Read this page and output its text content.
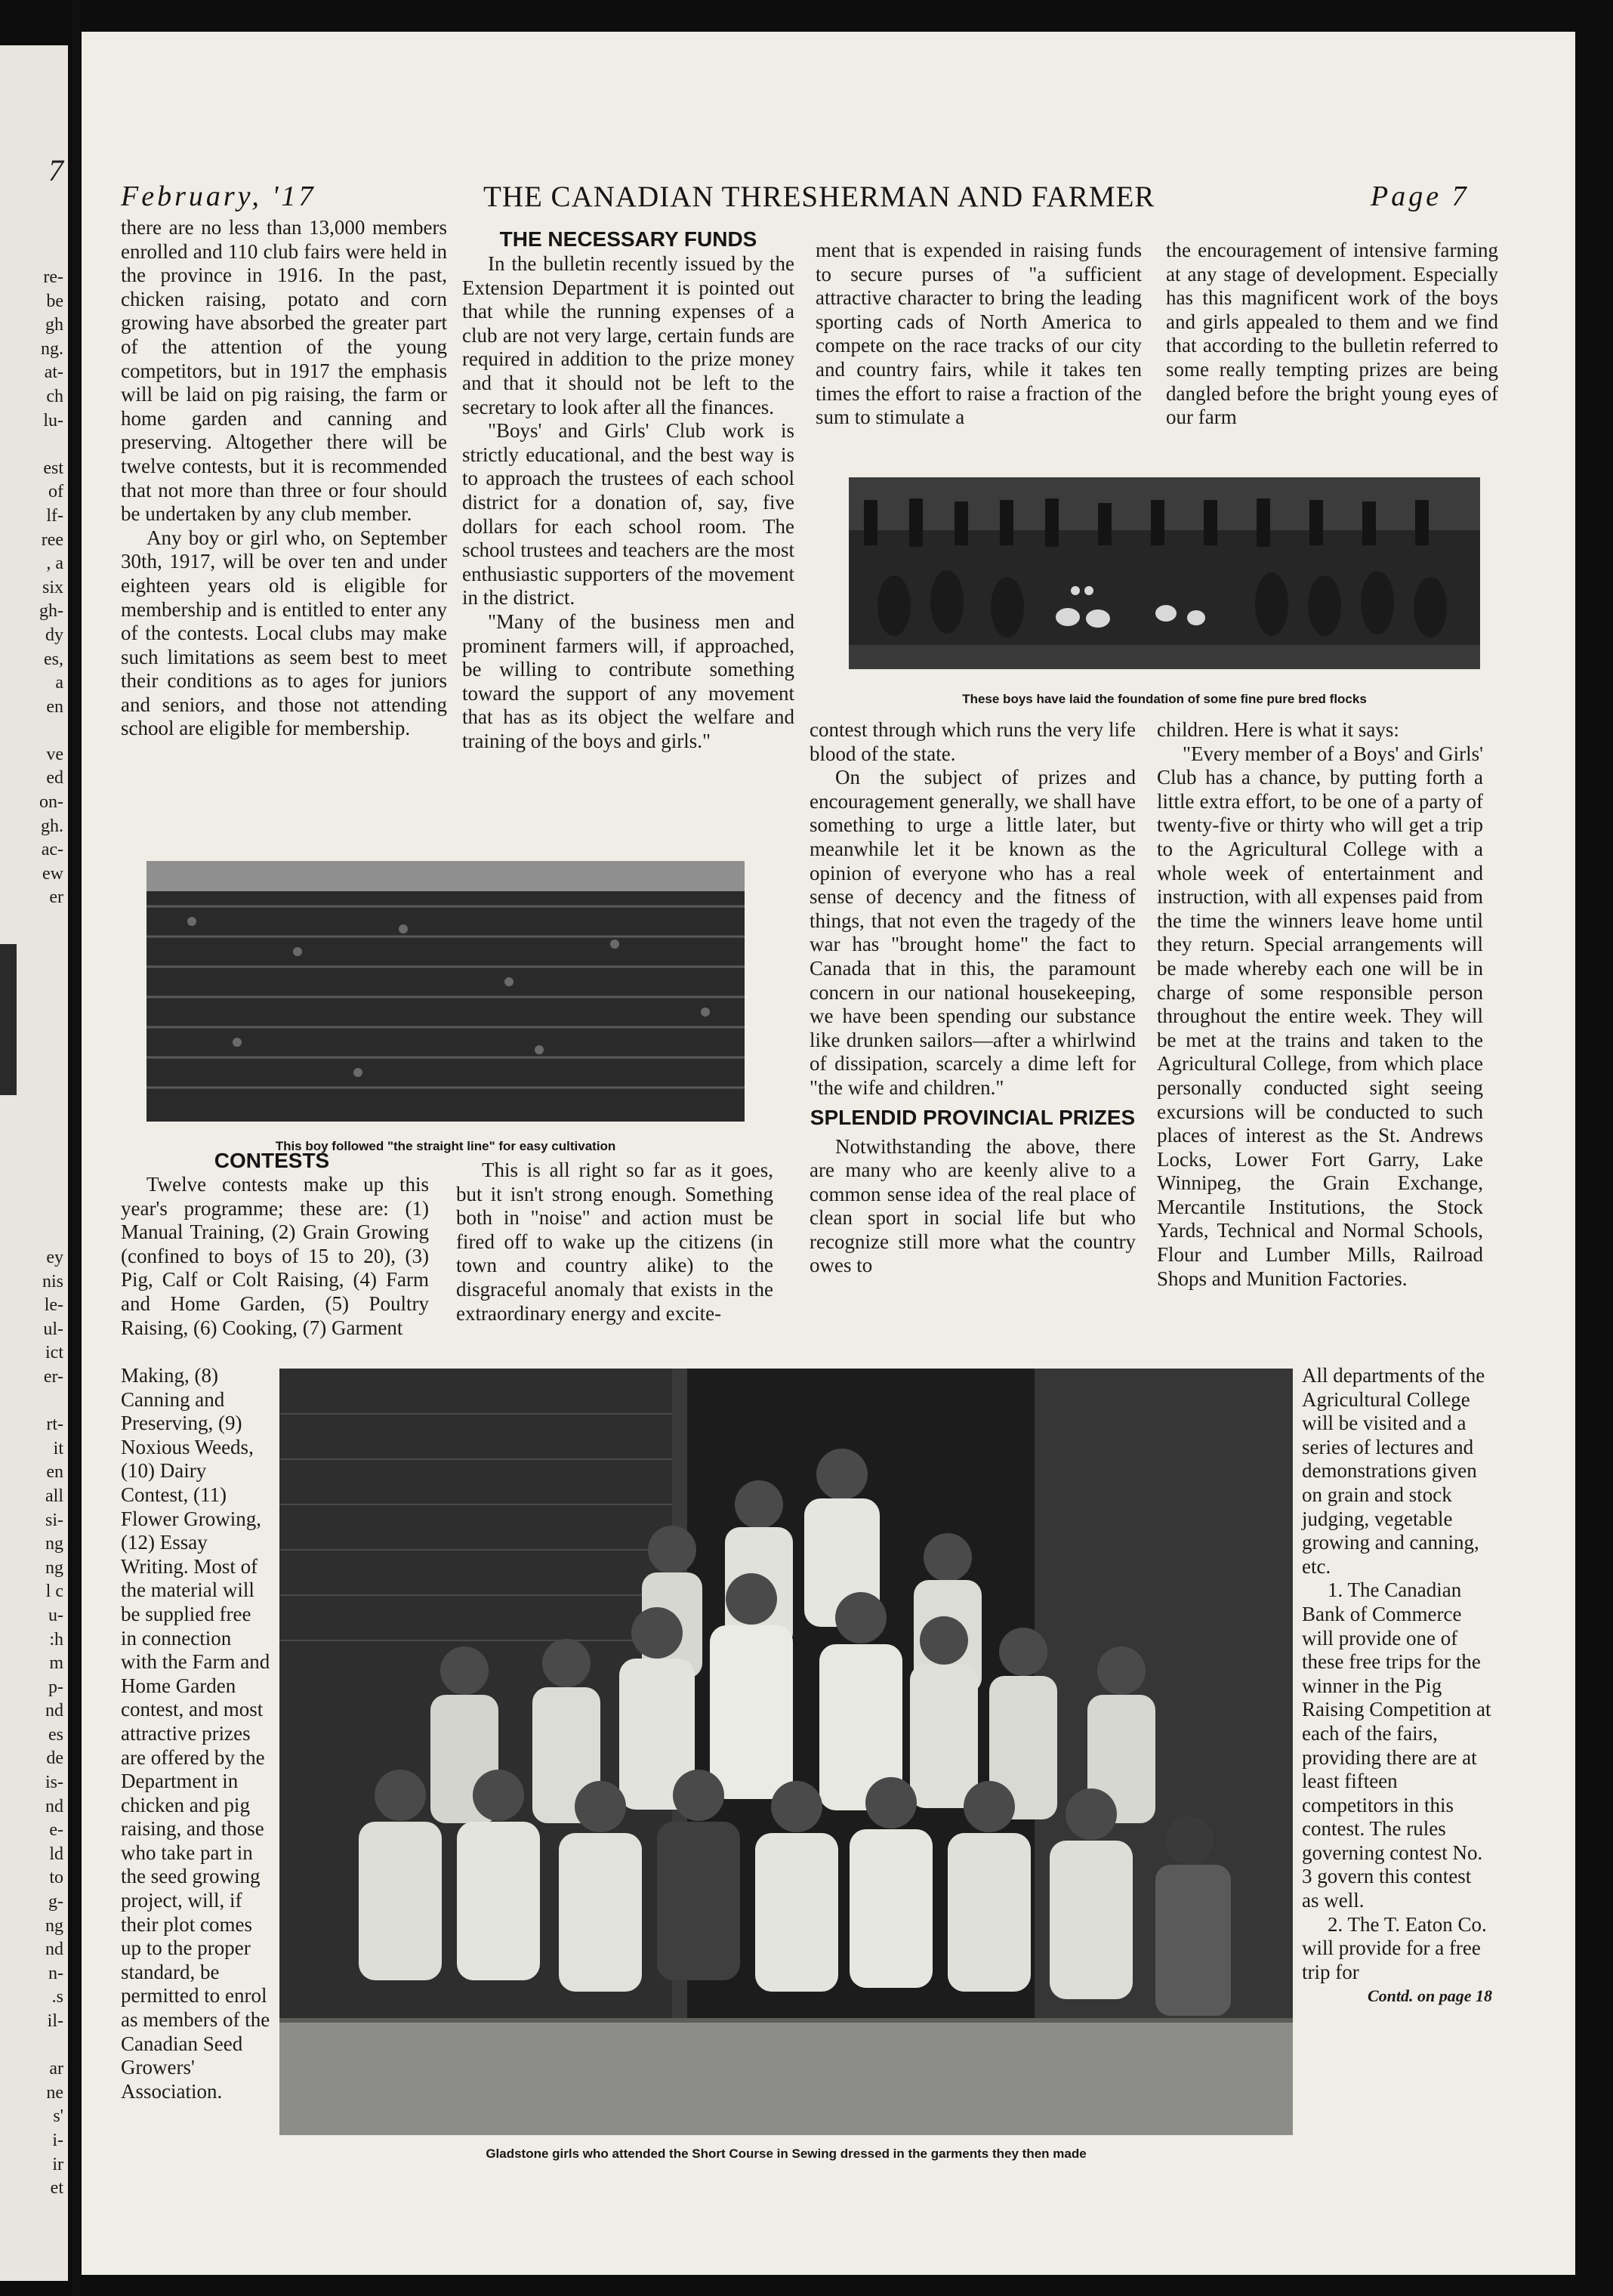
7
re-
be
gh
ng.
at-
ch
lu-
est
of
lf-
ree
, a
six
gh-
dy
es,
a
en
ve
ed
on-
gh.
ac-
ew
er
ey
nis
le-
ul-
ict
er-
rt-
it
en
all
si-
ng
ng
l c
u-
:h
m
p-
nd
es
de
is-
nd
e-
ld
to
g-
ng
nd
n-
.s
il-
ar
ne
s'
i-
ir
et
February, '17	THE CANADIAN THRESHERMAN AND FARMER	Page 7

there are no less than 13,000 members enrolled and 110 club fairs were held in the province in 1916. In the past, chicken raising, potato and corn growing have absorbed the greater part of the attention of the young competitors, but in 1917 the emphasis will be laid on pig raising, the farm or home garden and canning and preserving. Altogether there will be twelve contests, but it is recommended that not more than three or four should be undertaken by any club member.

Any boy or girl who, on September 30th, 1917, will be over ten and under eighteen years old is eligible for membership and is entitled to enter any of the contests. Local clubs may make such limitations as seem best to meet their conditions as to ages for juniors and seniors, and those not attending school are eligible for membership.

THE NECESSARY FUNDS

In the bulletin recently issued by the Extension Department it is pointed out that while the running expenses of a club are not very large, certain funds are required in addition to the prize money and that it should not be left to the secretary to look after all the finances.

"Boys' and Girls' Club work is strictly educational, and the best way is to approach the trustees of each school district for a donation of, say, five dollars for each school room. The school trustees and teachers are the most enthusiastic supporters of the movement in the district.

"Many of the business men and prominent farmers will, if approached, be willing to contribute something toward the support of any movement that has as its object the welfare and training of the boys and girls."

ment that is expended in raising funds to secure purses of "a sufficient attractive character to bring the leading sporting cads of North America to compete on the race tracks of our city and country fairs, while it takes ten times the effort to raise a fraction of the sum to stimulate a

the encouragement of intensive farming at any stage of development. Especially has this magnificent work of the boys and girls appealed to them and we find that according to the bulletin referred to some really tempting prizes are being dangled before the bright young eyes of our farm

These boys have laid the foundation of some fine pure bred flocks
This boy followed "the straight line" for easy cultivation

contest through which runs the very life blood of the state.

On the subject of prizes and encouragement generally, we shall have something to urge a little later, but meanwhile let it be known as the opinion of everyone who has a real sense of decency and the fitness of things, that not even the tragedy of the war has "brought home" the fact to Canada that in this, the paramount concern in our national housekeeping, we have been spending our substance like drunken sailors—after a whirlwind of dissipation, scarcely a dime left for "the wife and children."

SPLENDID PROVINCIAL PRIZES

Notwithstanding the above, there are many who are keenly alive to a common sense idea of the real place of clean sport in social life but who recognize still more what the country owes to

children. Here is what it says:

"Every member of a Boys' and Girls' Club has a chance, by putting forth a little extra effort, to be one of a party of twenty-five or thirty who will get a trip to the Agricultural College with a whole week of entertainment and instruction, with all expenses paid from the time the winners leave home until they return. Special arrangements will be made whereby each one will be in charge of some responsible person throughout the entire week. They will be met at the trains and taken to the Agricultural College, from which place personally conducted sight seeing excursions will be conducted to such places of interest as the St. Andrews Locks, Lower Fort Garry, Lake Winnipeg, the Grain Exchange, Mercantile Institutions, the Stock Yards, Technical and Normal Schools, Flour and Lumber Mills, Railroad Shops and Munition Factories.

CONTESTS

Twelve contests make up this year's programme; these are: (1) Manual Training, (2) Grain Growing (confined to boys of 15 to 20), (3) Pig, Calf or Colt Raising, (4) Farm and Home Garden, (5) Poultry Raising, (6) Cooking, (7) Garment

Making, (8) Canning and Preserving, (9) Noxious Weeds, (10) Dairy Contest, (11) Flower Growing, (12) Essay Writing. Most of the material will be supplied free in connection with the Farm and Home Garden contest, and most attractive prizes are offered by the Department in chicken and pig raising, and those who take part in the seed growing project, will, if their plot comes up to the proper standard, be permitted to enrol as members of the Canadian Seed Growers' Association.

This is all right so far as it goes, but it isn't strong enough. Something both in "noise" and action must be fired off to wake up the citizens (in town and country alike) to the disgraceful anomaly that exists in the extraordinary energy and excite-

All departments of the Agricultural College will be visited and a series of lectures and demonstrations given on grain and stock judging, vegetable growing and canning, etc.

1. The Canadian Bank of Commerce will provide one of these free trips for the winner in the Pig Raising Competition at each of the fairs, providing there are at least fifteen competitors in this contest. The rules governing contest No. 3 govern this contest as well.

2. The T. Eaton Co. will provide for a free trip for

Contd. on page 18
Gladstone girls who attended the Short Course in Sewing dressed in the garments they then made
